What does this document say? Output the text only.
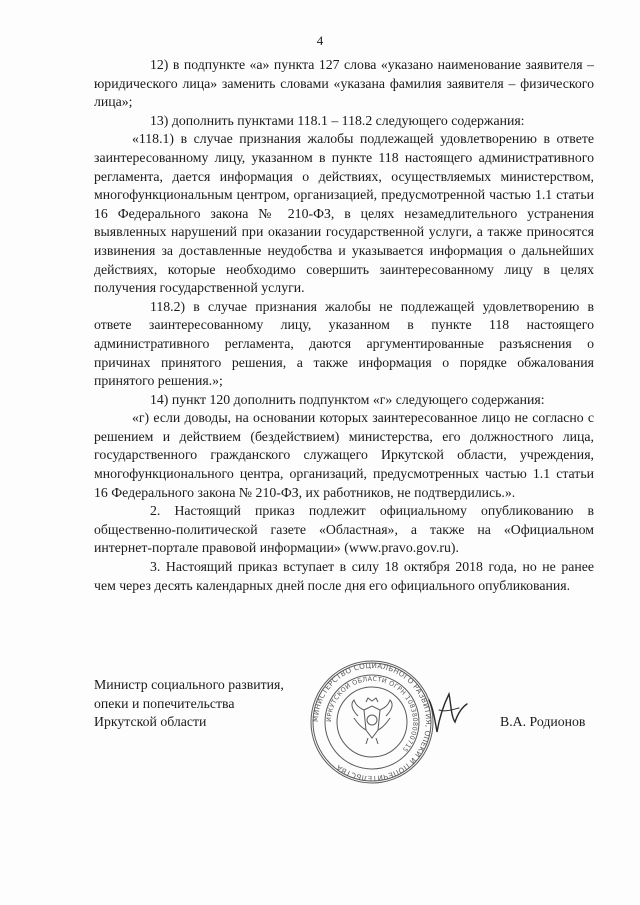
4

12) в подпункте «а» пункта 127 слова «указано наименование заявителя – юридического лица» заменить словами «указана фамилия заявителя – физического лица»;

13) дополнить пунктами 118.1 – 118.2 следующего содержания:

«118.1) в случае признания жалобы подлежащей удовлетворению в ответе заинтересованному лицу, указанном в пункте 118 настоящего административного регламента, дается информация о действиях, осуществляемых министерством, многофункциональным центром, организацией, предусмотренной частью 1.1 статьи 16 Федерального закона № 210-ФЗ, в целях незамедлительного устранения выявленных нарушений при оказании государственной услуги, а также приносятся извинения за доставленные неудобства и указывается информация о дальнейших действиях, которые необходимо совершить заинтересованному лицу в целях получения государственной услуги.

118.2) в случае признания жалобы не подлежащей удовлетворению в ответе заинтересованному лицу, указанном в пункте 118 настоящего административного регламента, даются аргументированные разъяснения о причинах принятого решения, а также информация о порядке обжалования принятого решения.»;

14) пункт 120 дополнить подпунктом «г» следующего содержания:

«г) если доводы, на основании которых заинтересованное лицо не согласно с решением и действием (бездействием) министерства, его должностного лица, государственного гражданского служащего Иркутской области, учреждения, многофункционального центра, организаций, предусмотренных частью 1.1 статьи 16 Федерального закона № 210-ФЗ, их работников, не подтвердились.».

2. Настоящий приказ подлежит официальному опубликованию в общественно-политической газете «Областная», а также на «Официальном интернет-портале правовой информации» (www.pravo.gov.ru).

3. Настоящий приказ вступает в силу 18 октября 2018 года, но не ранее чем через десять календарных дней после дня его официального опубликования.

Министр социального развития,
опеки и попечительства
Иркутской области	МИНИСТЕРСТВО СОЦИАЛЬНОГО РАЗВИТИЯ, ОПЕКИ И ПОПЕЧИТЕЛЬСТВА
ИРКУТСКОЙ ОБЛАСТИ ОГРН 1083808000715
В.А. Родионов
